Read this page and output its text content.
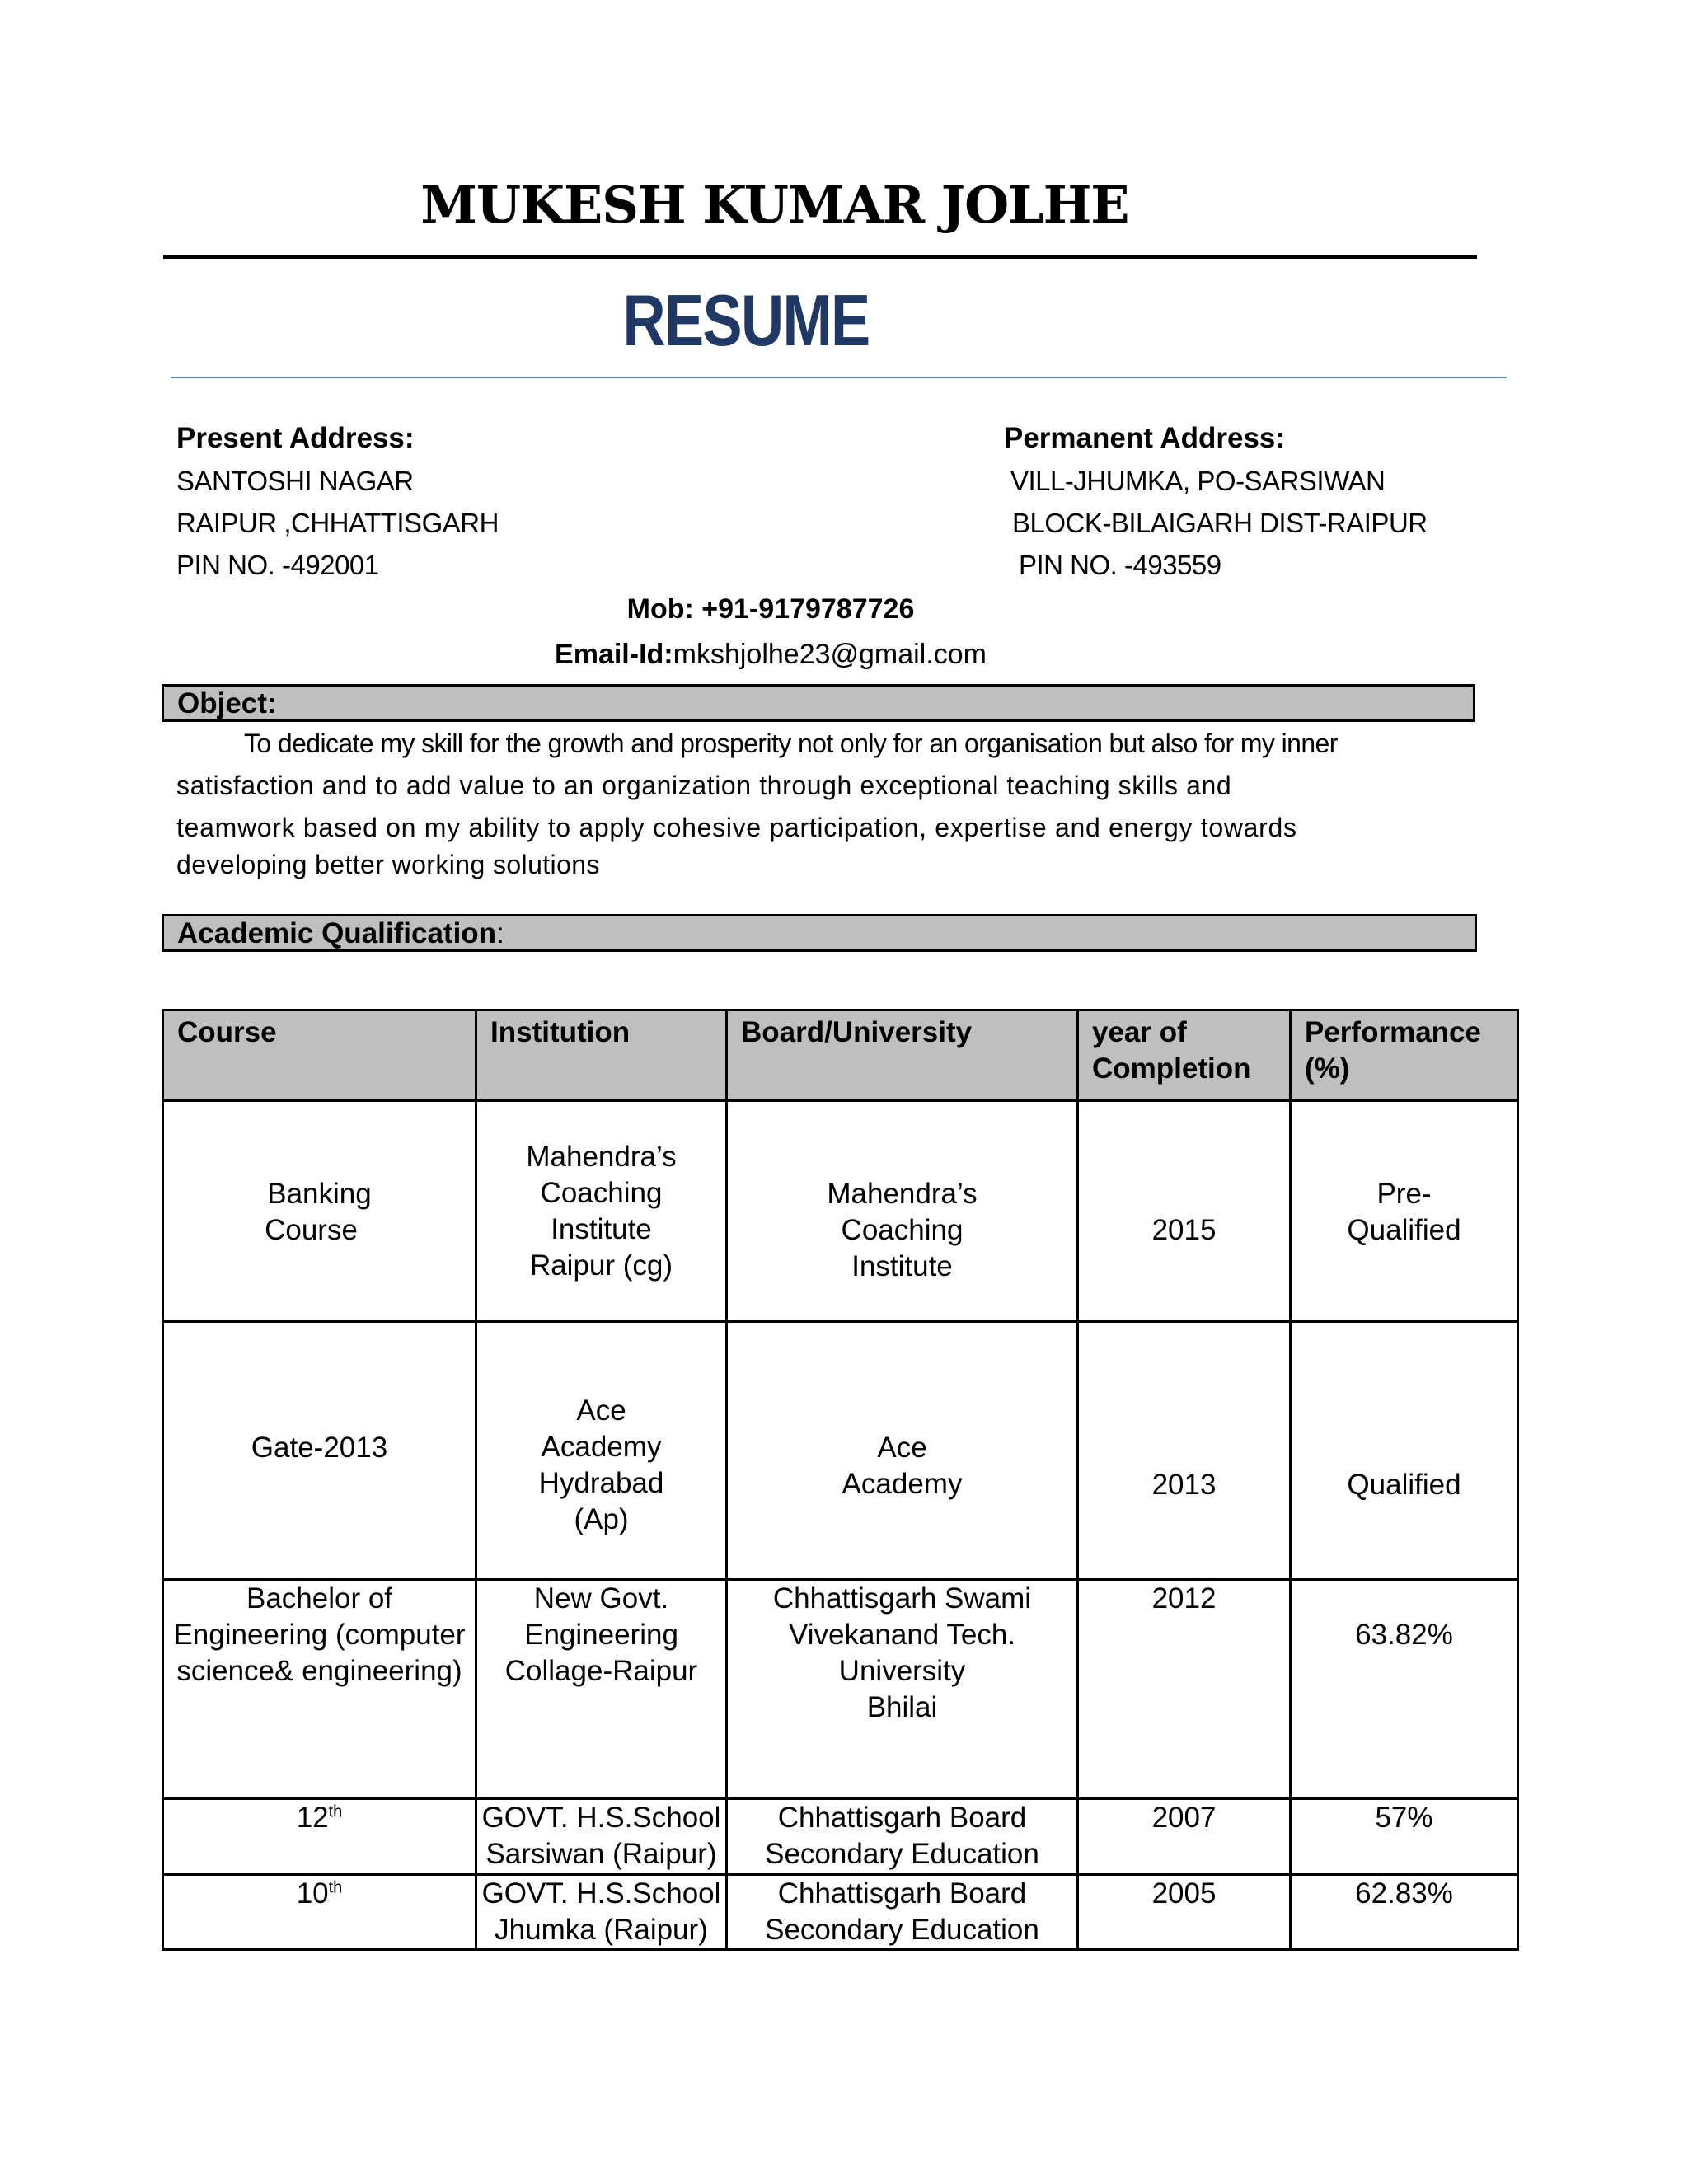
MUKESH KUMAR JOLHE
RESUME
Present Address:
SANTOSHI NAGAR
RAIPUR ,CHHATTISGARH
PIN NO. -492001
Permanent Address:
VILL-JHUMKA, PO-SARSIWAN
BLOCK-BILAIGARH DIST-RAIPUR
PIN NO. -493559
Mob: +91-9179787726
Email-Id:mkshjolhe23@gmail.com
Object:
To dedicate my skill for the growth and prosperity not only for an organisation but also for my inner
satisfaction and to add value to an organization through exceptional teaching skills and
teamwork based on my ability to apply cohesive participation, expertise and energy towards
developing better working solutions
Academic Qualification:
Course	Institution	Board/University	year of Completion	Performance (%)

Banking
Course	Mahendra’s
Coaching
Institute
Raipur (cg)	Mahendra’s
Coaching
Institute	2015	Pre-
Qualified

Gate-2013	Ace
Academy
Hydrabad
(Ap)	Ace
Academy	2013	Qualified

Bachelor of
Engineering (computer
science& engineering)	New Govt.
Engineering
Collage-Raipur	Chhattisgarh Swami
Vivekanand Tech.
University
Bhilai	2012	63.82%

12th	GOVT. H.S.School
Sarsiwan (Raipur)	Chhattisgarh Board
Secondary Education	2007	57%

10th	GOVT. H.S.School
Jhumka (Raipur)	Chhattisgarh Board
Secondary Education	2005	62.83%
